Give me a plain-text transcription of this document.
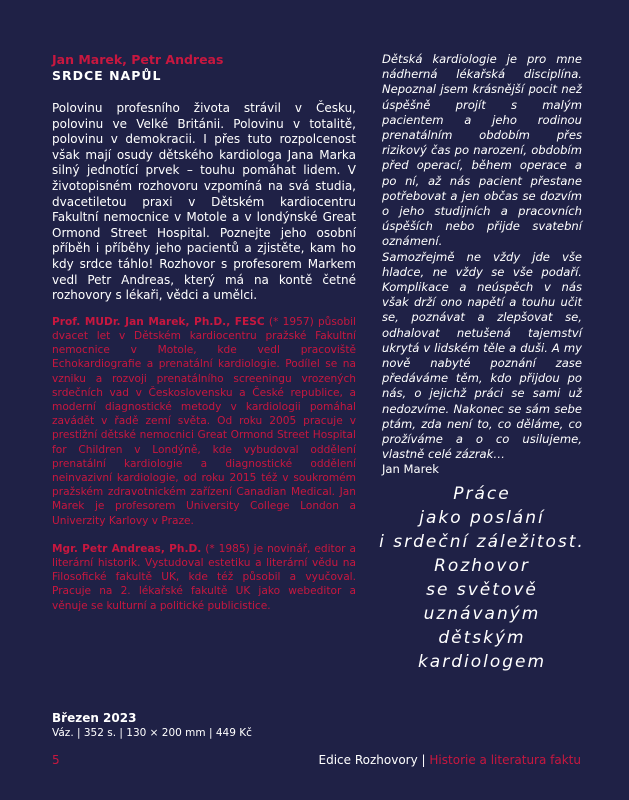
Jan Marek, Petr Andreas
SRDCE NAPŮL
Polovinu profesního života strávil v Česku, polovinu ve Velké Británii. Polovinu v totalitě, polovinu v demokracii. I přes tuto rozpolcenost však mají osudy dětského kardiologa Jana Marka silný jednotící prvek – touhu pomáhat lidem. V životopisném rozhovoru vzpomíná na svá studia, dvacetiletou praxi v Dětském kardiocentru Fakultní nemocnice v Motole a v londýnské Great Ormond Street Hospital. Poznejte jeho osobní příběh i příběhy jeho pacientů a zjistěte, kam ho kdy srdce táhlo! Rozhovor s profesorem Markem vedl Petr Andreas, který má na kontě četné rozhovory s lékaři, vědci a umělci.
Prof. MUDr. Jan Marek, Ph.D., FESC (* 1957) působil dvacet let v Dětském kardiocentru pražské Fakultní nemocnice v Motole, kde vedl pracoviště Echokardiografie a prenatální kardiologie. Podílel se na vzniku a rozvoji prenatálního screeningu vrozených srdečních vad v Československu a České republice, a moderní diagnostické metody v kardiologii pomáhal zavádět v řadě zemí světa. Od roku 2005 pracuje v prestižní dětské nemocnici Great Ormond Street Hospital for Children v Londýně, kde vybudoval oddělení prenatální kardiologie a diagnostické oddělení neinvazivní kardiologie, od roku 2015 též v soukromém pražském zdravotnickém zařízení Canadian Medical. Jan Marek je profesorem University College London a Univerzity Karlovy v Praze.
Mgr. Petr Andreas, Ph.D. (* 1985) je novinář, editor a literární historik. Vystudoval estetiku a literární vědu na Filosofické fakultě UK, kde též působil a vyučoval. Pracuje na 2. lékařské fakultě UK jako webeditor a věnuje se kulturní a politické publicistice.
Dětská kardiologie je pro mne nádherná lékařská disciplína. Nepoznal jsem krásnější pocit než úspěšně projít s malým pacientem a jeho rodinou prenatálním obdobím přes rizikový čas po narození, obdobím před operací, během operace a po ní, až nás pacient přestane potřebovat a jen občas se dozvím o jeho studijních a pracovních úspěších nebo přijde svatební oznámení.
Samozřejmě ne vždy jde vše hladce, ne vždy se vše podaří. Komplikace a neúspěch v nás však drží ono napětí a touhu učit se, poznávat a zlepšovat se, odhalovat netušená tajemství ukrytá v lidském těle a duši. A my nově nabyté poznání zase předáváme těm, kdo přijdou po nás, o jejichž práci se sami už nedozvíme. Nakonec se sám sebe ptám, zda není to, co děláme, co prožíváme a o co usilujeme, vlastně celé zázrak…
Jan Marek
Práce
jako poslání
i srdeční záležitost.
Rozhovor
se světově
uznávaným
dětským
kardiologem
Březen 2023
Váz. | 352 s. | 130 × 200 mm | 449 Kč
5	Edice Rozhovory | Historie a literatura faktu
